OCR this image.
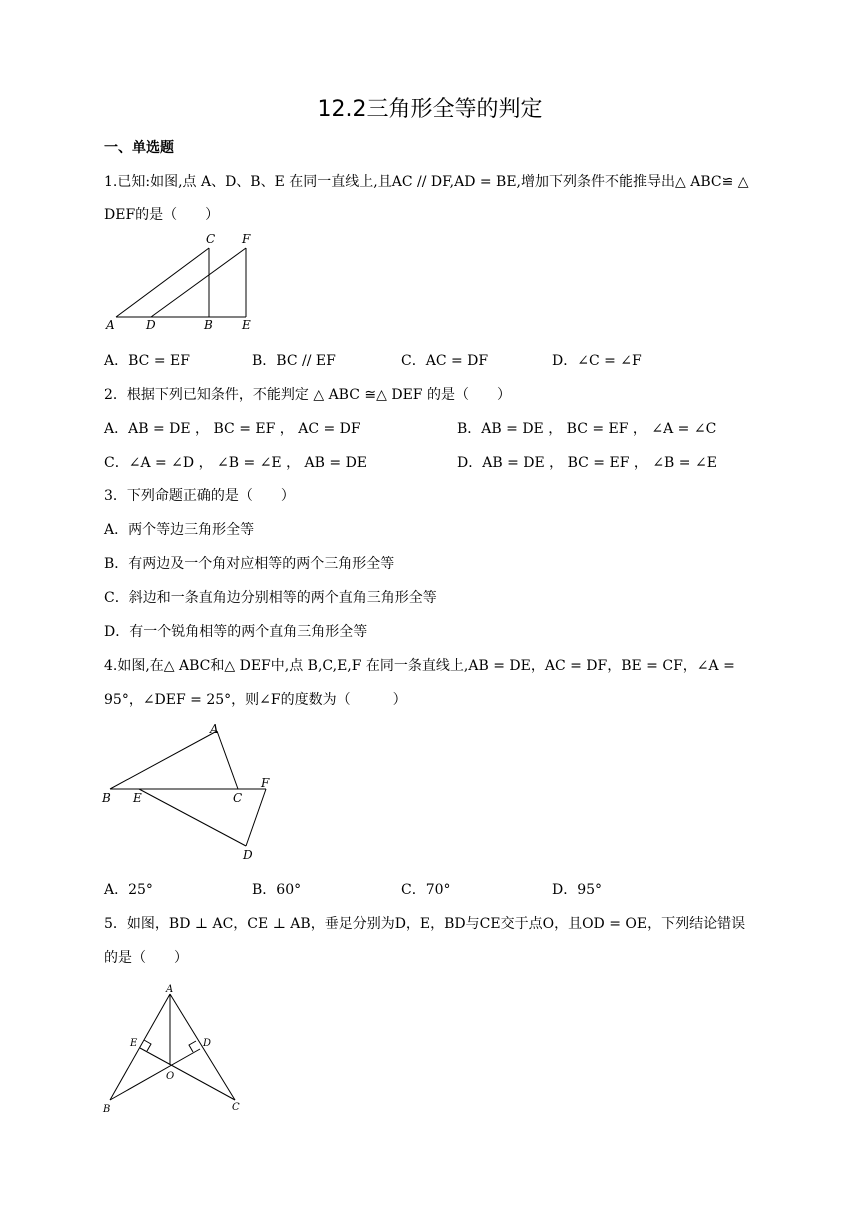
12.2三角形全等的判定
一、单选题
1.已知:如图,点 A、D、B、E 在同一直线上,且AC // DF,AD = BE,增加下列条件不能推导出△ ABC≌ △
DEF的是（　　）
C F
A	D	B E
A．BC = EF	B．BC // EF	C．AC = DF	D．∠C = ∠F
2．根据下列已知条件，不能判定 △ ABC ≅△ DEF 的是（　　）
A．AB = DE ， BC = EF ， AC = DF	B．AB = DE ， BC = EF ， ∠A = ∠C
C．∠A = ∠D ， ∠B = ∠E ， AB = DE	D．AB = DE ， BC = EF ， ∠B = ∠E
3．下列命题正确的是（　　）
A．两个等边三角形全等
B．有两边及一个角对应相等的两个三角形全等
C．斜边和一条直角边分别相等的两个直角三角形全等
D．有一个锐角相等的两个直角三角形全等
4.如图,在△ ABC和△ DEF中,点 B,C,E,F 在同一条直线上,AB = DE，AC = DF，BE = CF，∠A =
95°，∠DEF = 25°，则∠F的度数为（　　　）
A
B E	C
F
D
A．25°	B．60°	C．70°	D．95°
5．如图，BD ⊥ AC，CE ⊥ AB，垂足分别为D，E，BD与CE交于点O，且OD = OE，下列结论错误
的是（　　）
A
E	D
O
B	C
